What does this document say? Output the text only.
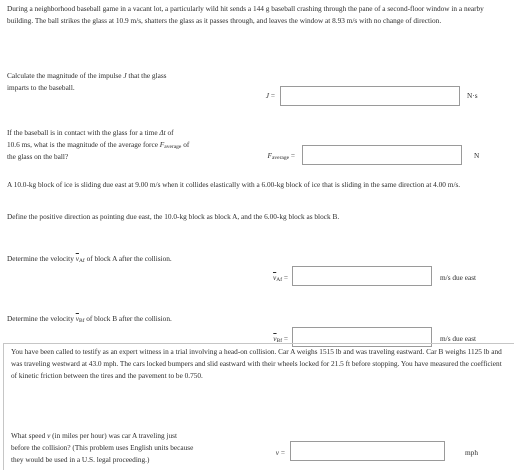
During a neighborhood baseball game in a vacant lot, a particularly wild hit sends a 144 g baseball crashing through the pane of a second-floor window in a nearby building. The ball strikes the glass at 10.9 m/s, shatters the glass as it passes through, and leaves the window at 8.93 m/s with no change of direction.
Calculate the magnitude of the impulse J that the glass
imparts to the baseball.
J =	N·s
If the baseball is in contact with the glass for a time Δt of
10.6 ms, what is the magnitude of the average force $F_{average}$ of
the glass on the ball?	$F_{average}$ =	N
A 10.0-kg block of ice is sliding due east at 9.00 m/s when it collides elastically with a 6.00-kg block of ice that is sliding in the same direction at 4.00 m/s.
Define the positive direction as pointing due east, the 10.0-kg block as block A, and the 6.00-kg block as block B.
Determine the velocity $\overline{v}_{Af}$ of block A after the collision.
$\overline{v}_{Af}$ =	m/s due east
Determine the velocity $\overline{v}_{Bf}$ of block B after the collision.
$\overline{v}_{Bf}$ =	m/s due east
You have been called to testify as an expert witness in a trial involving a head-on collision. Car A weighs 1515 lb and was traveling eastward. Car B weighs 1125 lb and was traveling westward at 43.0 mph. The cars locked bumpers and slid eastward with their wheels locked for 21.5 ft before stopping. You have measured the coefficient of kinetic friction between the tires and the pavement to be 0.750.
What speed v (in miles per hour) was car A traveling just
before the collision? (This problem uses English units because
they would be used in a U.S. legal proceeding.)
v =	mph
